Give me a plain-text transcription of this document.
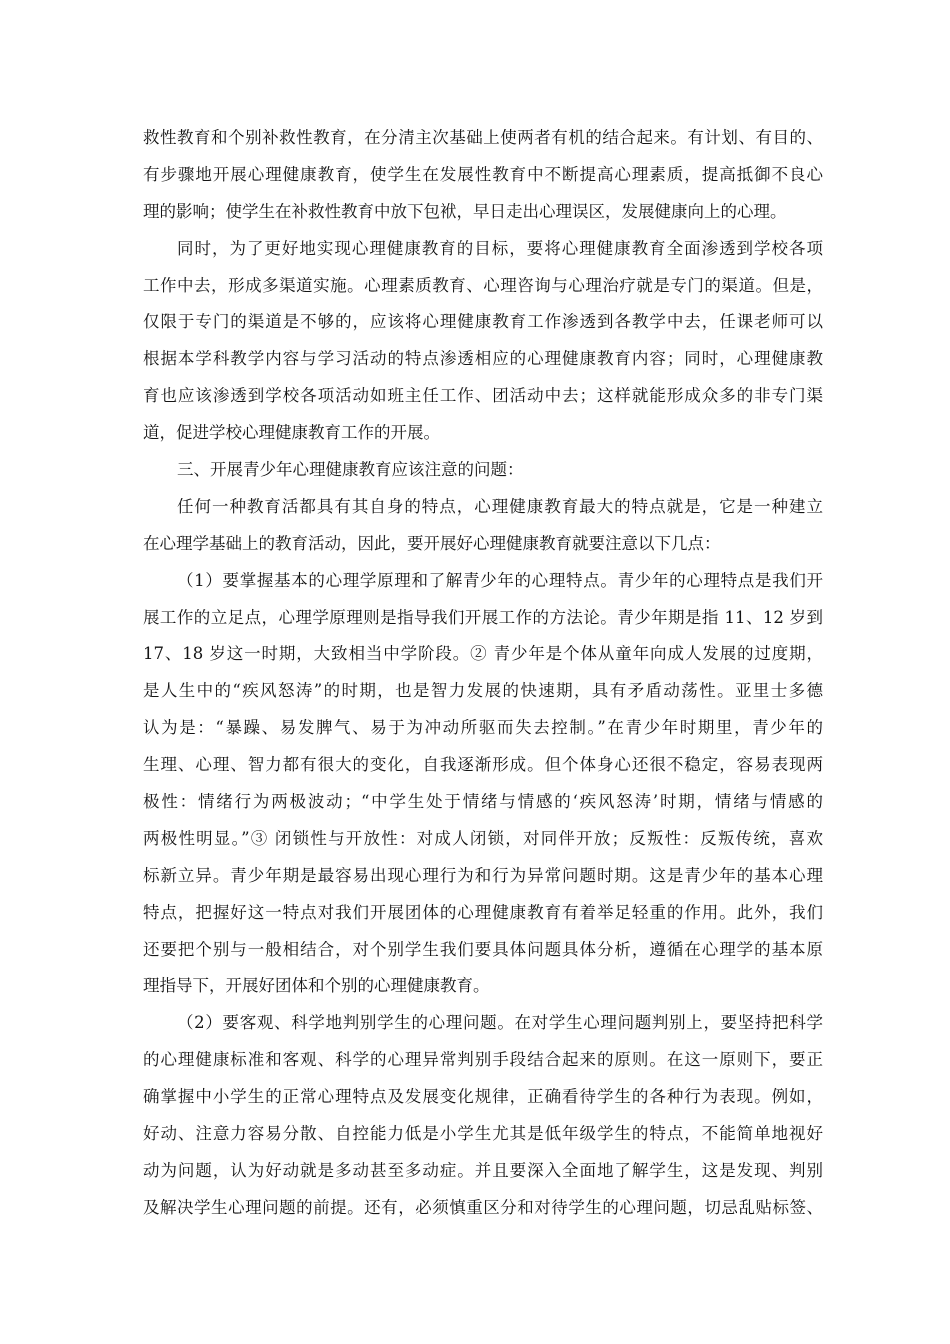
救性教育和个别补救性教育，在分清主次基础上使两者有机的结合起来。有计划、有目的、
有步骤地开展心理健康教育，使学生在发展性教育中不断提高心理素质，提高抵御不良心
理的影响；使学生在补救性教育中放下包袱，早日走出心理误区，发展健康向上的心理。
同时，为了更好地实现心理健康教育的目标，要将心理健康教育全面渗透到学校各项
工作中去，形成多渠道实施。心理素质教育、心理咨询与心理治疗就是专门的渠道。但是，
仅限于专门的渠道是不够的，应该将心理健康教育工作渗透到各教学中去，任课老师可以
根据本学科教学内容与学习活动的特点渗透相应的心理健康教育内容；同时，心理健康教
育也应该渗透到学校各项活动如班主任工作、团活动中去；这样就能形成众多的非专门渠
道，促进学校心理健康教育工作的开展。
三、开展青少年心理健康教育应该注意的问题：
任何一种教育活都具有其自身的特点，心理健康教育最大的特点就是，它是一种建立
在心理学基础上的教育活动，因此，要开展好心理健康教育就要注意以下几点：
（1）要掌握基本的心理学原理和了解青少年的心理特点。青少年的心理特点是我们开
展工作的立足点，心理学原理则是指导我们开展工作的方法论。青少年期是指 11、12 岁到
17、18 岁这一时期，大致相当中学阶段。② 青少年是个体从童年向成人发展的过度期，
是人生中的“疾风怒涛”的时期，也是智力发展的快速期，具有矛盾动荡性。亚里士多德
认为是：“暴躁、易发脾气、易于为冲动所驱而失去控制。”在青少年时期里，青少年的
生理、心理、智力都有很大的变化，自我逐渐形成。但个体身心还很不稳定，容易表现两
极性：情绪行为两极波动；“中学生处于情绪与情感的‘疾风怒涛’时期，情绪与情感的
两极性明显。”③ 闭锁性与开放性：对成人闭锁，对同伴开放；反叛性：反叛传统，喜欢
标新立异。青少年期是最容易出现心理行为和行为异常问题时期。这是青少年的基本心理
特点，把握好这一特点对我们开展团体的心理健康教育有着举足轻重的作用。此外，我们
还要把个别与一般相结合，对个别学生我们要具体问题具体分析，遵循在心理学的基本原
理指导下，开展好团体和个别的心理健康教育。
（2）要客观、科学地判别学生的心理问题。在对学生心理问题判别上，要坚持把科学
的心理健康标准和客观、科学的心理异常判别手段结合起来的原则。在这一原则下，要正
确掌握中小学生的正常心理特点及发展变化规律，正确看待学生的各种行为表现。例如，
好动、注意力容易分散、自控能力低是小学生尤其是低年级学生的特点，不能简单地视好
动为问题，认为好动就是多动甚至多动症。并且要深入全面地了解学生，这是发现、判别
及解决学生心理问题的前提。还有，必须慎重区分和对待学生的心理问题，切忌乱贴标签、
